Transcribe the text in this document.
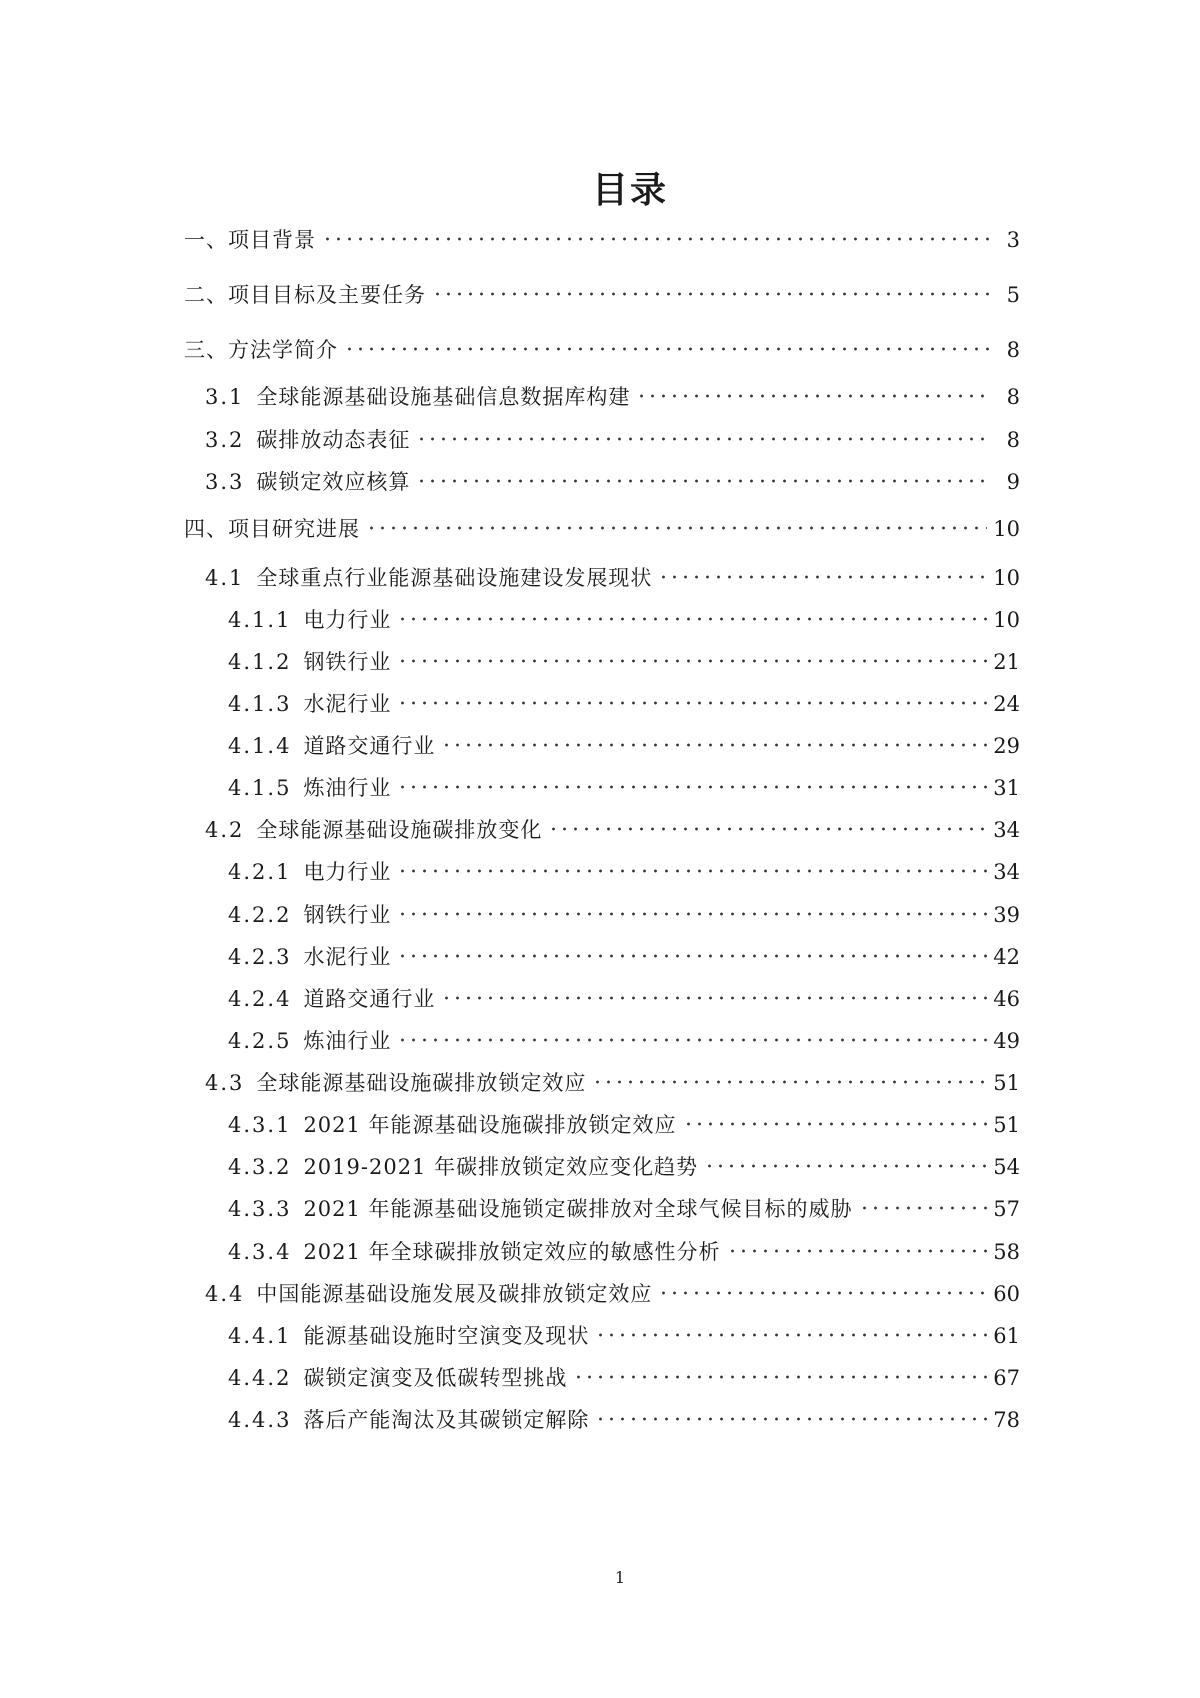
目录
一、项目背景	3
二、项目目标及主要任务	5
三、方法学简介	8
3.1 全球能源基础设施基础信息数据库构建	8
3.2 碳排放动态表征	8
3.3 碳锁定效应核算	9
四、项目研究进展	10
4.1 全球重点行业能源基础设施建设发展现状	10
4.1.1 电力行业	10
4.1.2 钢铁行业	21
4.1.3 水泥行业	24
4.1.4 道路交通行业	29
4.1.5 炼油行业	31
4.2 全球能源基础设施碳排放变化	34
4.2.1 电力行业	34
4.2.2 钢铁行业	39
4.2.3 水泥行业	42
4.2.4 道路交通行业	46
4.2.5 炼油行业	49
4.3 全球能源基础设施碳排放锁定效应	51
4.3.1 2021 年能源基础设施碳排放锁定效应	51
4.3.2 2019-2021 年碳排放锁定效应变化趋势	54
4.3.3 2021 年能源基础设施锁定碳排放对全球气候目标的威胁	57
4.3.4 2021 年全球碳排放锁定效应的敏感性分析	58
4.4 中国能源基础设施发展及碳排放锁定效应	60
4.4.1 能源基础设施时空演变及现状	61
4.4.2 碳锁定演变及低碳转型挑战	67
4.4.3 落后产能淘汰及其碳锁定解除	78
1
